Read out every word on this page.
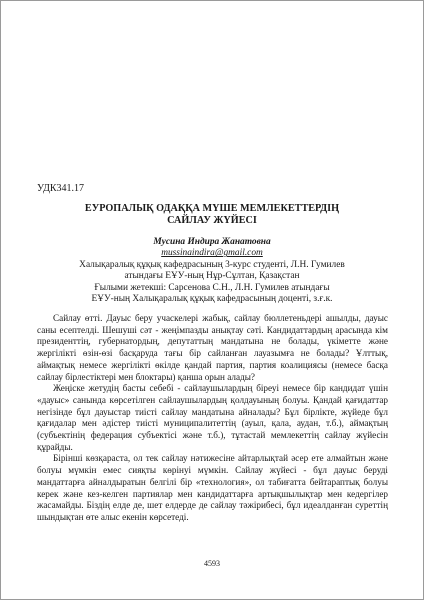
УДК341.17
ЕУРОПАЛЫҚ ОДАҚҚА МҮШЕ МЕМЛЕКЕТТЕРДІҢ
САЙЛАУ ЖҮЙЕСІ
Мусина Индира Жанатовна
mussinaindira@gmail.com
Халықаралық құқық кафедрасының 3-курс студенті, Л.Н. Гумилев
атындағы ЕҰУ-ның Нұр-Сұлтан, Қазақстан
Ғылыми жетекші: Сарсенова С.Н., Л.Н. Гумилев атындағы
ЕҰУ-ның Халықаралық құқық кафедрасының доценті, з.ғ.к.

Сайлау өтті. Дауыс беру учаскелері жабық, сайлау бюллетеньдері ашылды, дауыс саны есептелді. Шешуші сәт - жеңімпазды анықтау сәті. Кандидаттардың арасында кім президенттің, губернатордың, депутаттың мандатына не болады, үкіметте және жергілікті өзін-өзі басқаруда тағы бір сайланған лауазымға не болады? Ұлттық, аймақтық немесе жергілікті өкілде қандай партия, партия коалициясы (немесе басқа сайлау бірлестіктері мен блоктары) қанша орын алады?

Жеңіске жетудің басты себебі - сайлаушылардың біреуі немесе бір кандидат үшін «дауыс» санында көрсетілген сайлаушылардың қолдауының болуы. Қандай қағидаттар негізінде бұл дауыстар тиісті сайлау мандатына айналады? Бұл бірлікте, жүйеде бұл қағидалар мен әдістер тиісті муниципалитеттің (ауыл, қала, аудан, т.б.), аймақтың (субъектінің федерация субъектісі және т.б.), тұтастай мемлекеттің сайлау жүйесін құрайды.

Бірінші көзқараста, ол тек сайлау нәтижесіне айтарлықтай әсер ете алмайтын және болуы мүмкін емес сияқты көрінуі мүмкін. Сайлау жүйесі - бұл дауыс беруді мандаттарға айналдыратын белгілі бір «технология», ол табиғатта бейтараптық болуы керек және кез-келген партиялар мен кандидаттарға артықшылықтар мен кедергілер жасамайды. Біздің елде де, шет елдерде де сайлау тәжірибесі, бұл идеалданған суреттің шындықтан өте алыс екенін көрсетеді.

4593
